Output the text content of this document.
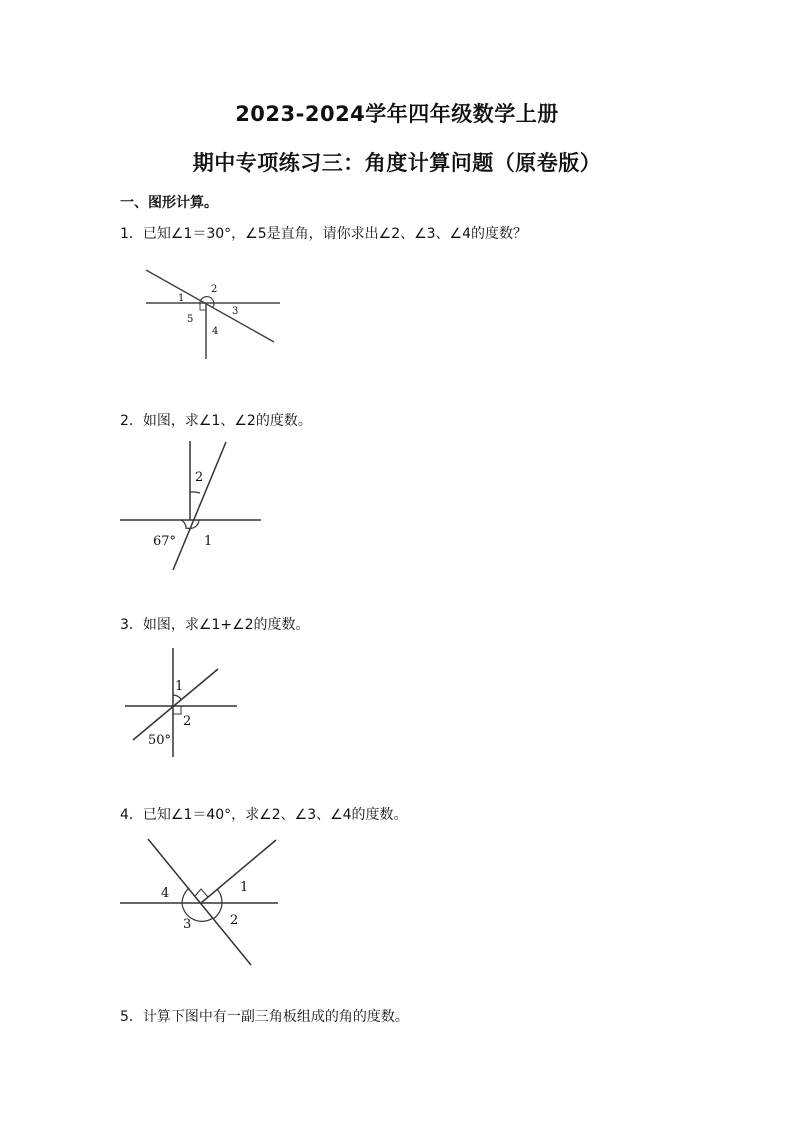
2023-2024学年四年级数学上册
期中专项练习三：角度计算问题（原卷版）
一、图形计算。
1．已知∠1＝30°，∠5是直角，请你求出∠2、∠3、∠4的度数？
1
2
3
4
5
2．如图，求∠1、∠2的度数。
2
67° 1
3．如图，求∠1+∠2的度数。
1
2
50°
4．已知∠1＝40°，求∠2、∠3、∠4的度数。
4	1
3	2
5．计算下图中有一副三角板组成的角的度数。
